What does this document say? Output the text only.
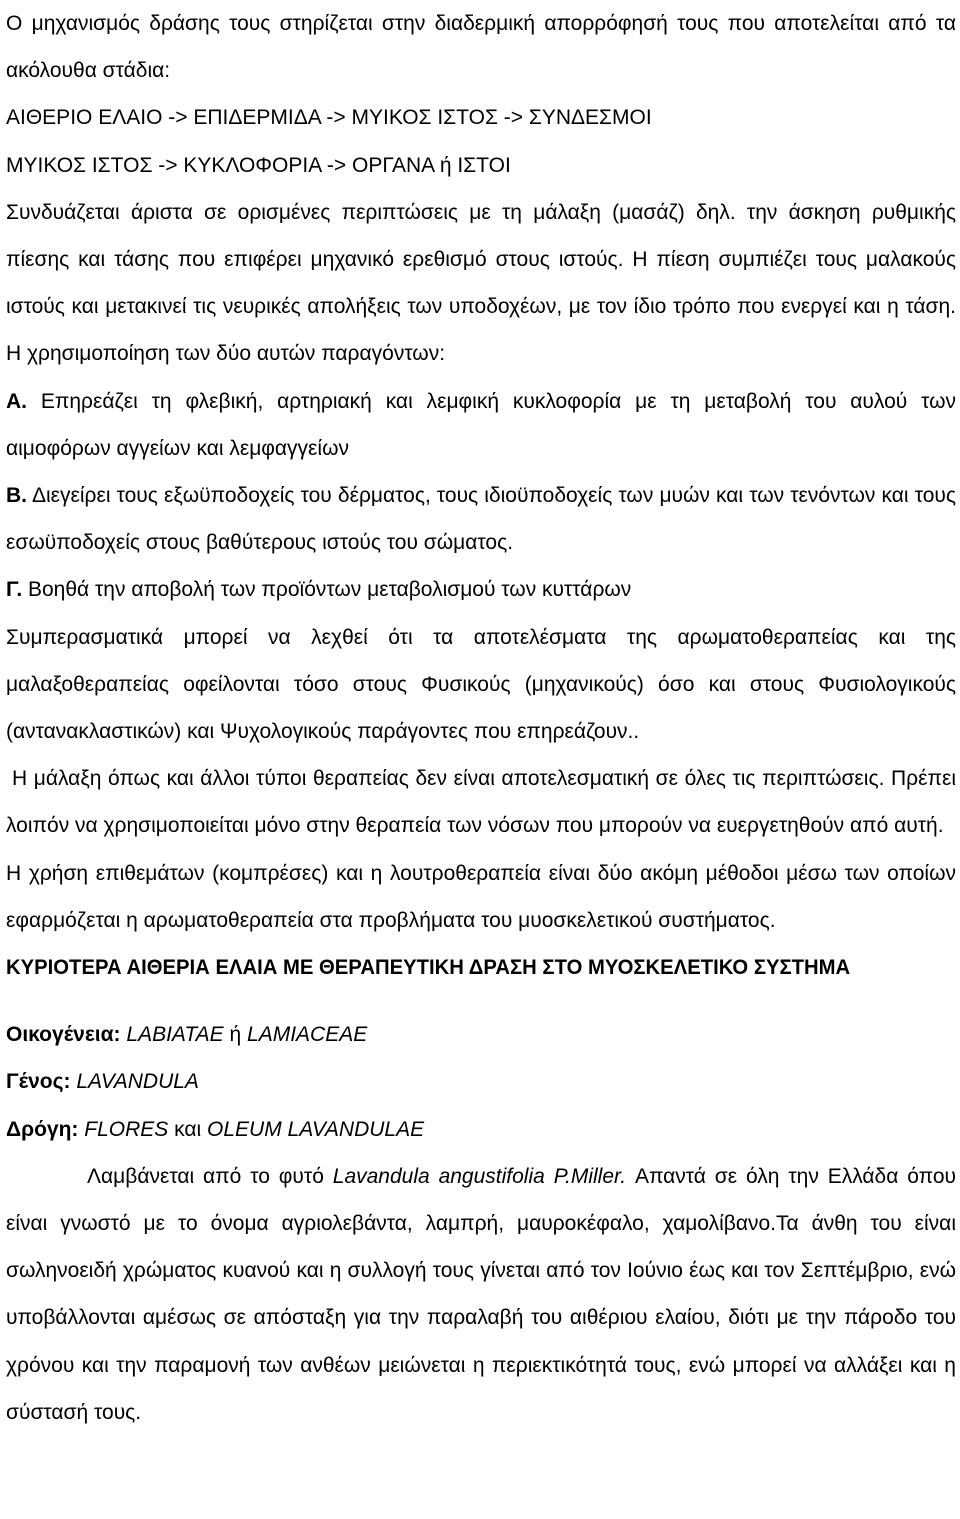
Ο μηχανισμός δράσης τους στηρίζεται στην διαδερμική απορρόφησή τους που αποτελείται από τα ακόλουθα στάδια:

ΑΙΘΕΡΙΟ ΕΛΑΙΟ -> ΕΠΙΔΕΡΜΙΔΑ -> ΜΥΙΚΟΣ ΙΣΤΟΣ -> ΣΥΝΔΕΣΜΟΙ

ΜΥΙΚΟΣ ΙΣΤΟΣ -> ΚΥΚΛΟΦΟΡΙΑ -> ΟΡΓΑΝΑ ή ΙΣΤΟΙ

Συνδυάζεται άριστα σε ορισμένες περιπτώσεις με τη μάλαξη (μασάζ) δηλ. την άσκηση ρυθμικής πίεσης και τάσης που επιφέρει μηχανικό ερεθισμό στους ιστούς. Η πίεση συμπιέζει τους μαλακούς ιστούς και μετακινεί τις νευρικές απολήξεις των υποδοχέων, με τον ίδιο τρόπο που ενεργεί και η τάση. Η χρησιμοποίηση των δύο αυτών παραγόντων:

Α. Επηρεάζει τη φλεβική, αρτηριακή και λεμφική κυκλοφορία με τη μεταβολή του αυλού των αιμοφόρων αγγείων και λεμφαγγείων

Β. Διεγείρει τους εξωϋποδοχείς του δέρματος, τους ιδιοϋποδοχείς των μυών και των τενόντων και τους εσωϋποδοχείς στους βαθύτερους ιστούς του σώματος.

Γ. Βοηθά την αποβολή των προϊόντων μεταβολισμού των κυττάρων

Συμπερασματικά μπορεί να λεχθεί ότι τα αποτελέσματα της αρωματοθεραπείας και της μαλαξοθεραπείας οφείλονται τόσο στους Φυσικούς (μηχανικούς) όσο και στους Φυσιολογικούς (αντανακλαστικών) και Ψυχολογικούς παράγοντες που επηρεάζουν..

Η μάλαξη όπως και άλλοι τύποι θεραπείας δεν είναι αποτελεσματική σε όλες τις περιπτώσεις. Πρέπει λοιπόν να χρησιμοποιείται μόνο στην θεραπεία των νόσων που μπορούν να ευεργετηθούν από αυτή.

Η χρήση επιθεμάτων (κομπρέσες) και η λουτροθεραπεία είναι δύο ακόμη μέθοδοι μέσω των οποίων εφαρμόζεται η αρωματοθεραπεία στα προβλήματα του μυοσκελετικού συστήματος.

ΚΥΡΙΟΤΕΡΑ ΑΙΘΕΡΙΑ ΕΛΑΙΑ ΜΕ ΘΕΡΑΠΕΥΤΙΚΗ ΔΡΑΣΗ ΣΤΟ ΜΥΟΣΚΕΛΕΤΙΚΟ ΣΥΣΤΗΜΑ

Οικογένεια: LABIATAE ή LAMIACEAE

Γένος: LAVANDULA

Δρόγη: FLORES και OLEUM LAVANDULAE

Λαμβάνεται από το φυτό Lavandula angustifolia P.Miller. Απαντά σε όλη την Ελλάδα όπου είναι γνωστό με το όνομα αγριολεβάντα, λαμπρή, μαυροκέφαλο, χαμολίβανο.Τα άνθη του είναι σωληνοειδή χρώματος κυανού και η συλλογή τους γίνεται από τον Ιούνιο έως και τον Σεπτέμβριο, ενώ υποβάλλονται αμέσως σε απόσταξη για την παραλαβή του αιθέριου ελαίου, διότι με την πάροδο του χρόνου και την παραμονή των ανθέων μειώνεται η περιεκτικότητά τους, ενώ μπορεί να αλλάξει και η σύστασή τους.
